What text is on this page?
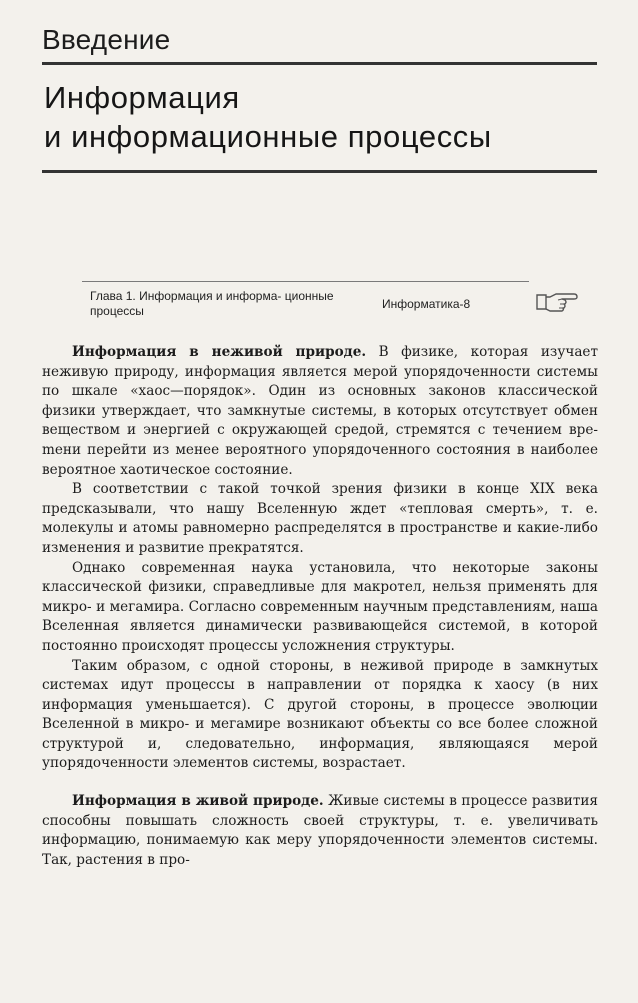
Введение
Информация
и информационные процессы
Глава 1. Информация и информа- ционные процессы	Информатика-8

Информация в неживой природе. В физике, которая изучает неживую природу, информация является мерой упорядоченности системы по шкале «хаос—порядок». Один из основных законов классической физики утверждает, что замкнутые системы, в которых отсутствует обмен веществом и энергией с окружающей средой, стремятся с течением вреmени перейти из менее вероятного упорядоченного состояния в наиболее вероятное хаотическое состояние.

В соответствии с такой точкой зрения физики в конце XIX века предсказывали, что нашу Вселенную ждет «тепловая смерть», т. е. молекулы и атомы равномерно распределятся в пространстве и какие-либо изменения и развитие прекратятся.

Однако современная наука установила, что некоторые законы классической физики, справедливые для макротел, нельзя применять для микро- и мегамира. Согласно современным научным представлениям, наша Вселенная является динамически развивающейся системой, в которой постоянно происходят процессы усложнения структуры.

Таким образом, с одной стороны, в неживой природе в замкнутых системах идут процессы в направлении от порядка к хаосу (в них информация уменьшается). С другой стороны, в процессе эволюции Вселенной в микро- и мегамире возникают объекты со все более сложной структурой и, следовательно, информация, являющаяся мерой упорядоченности элементов системы, возрастает.

Информация в живой природе. Живые системы в процессе развития способны повышать сложность своей структуры, т. е. увеличивать информацию, понимаемую как меру упорядоченности элементов системы. Так, растения в про-
